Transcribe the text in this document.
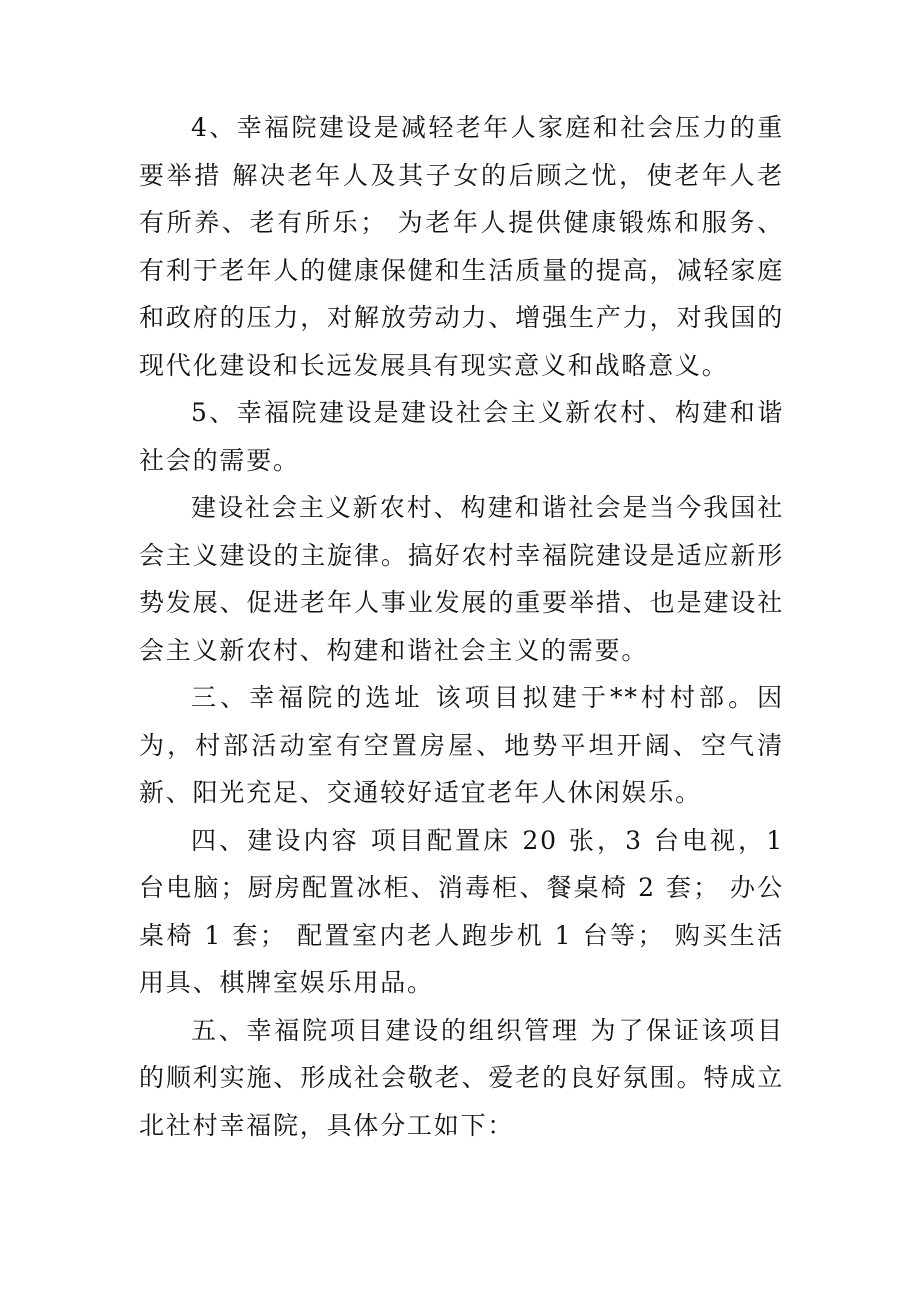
4、幸福院建设是减轻老年人家庭和社会压力的重要举措 解决老年人及其子女的后顾之忧，使老年人老有所养、老有所乐； 为老年人提供健康锻炼和服务、有利于老年人的健康保健和生活质量的提高，减轻家庭和政府的压力，对解放劳动力、增强生产力，对我国的现代化建设和长远发展具有现实意义和战略意义。

5、幸福院建设是建设社会主义新农村、构建和谐社会的需要。

建设社会主义新农村、构建和谐社会是当今我国社会主义建设的主旋律。搞好农村幸福院建设是适应新形势发展、促进老年人事业发展的重要举措、也是建设社会主义新农村、构建和谐社会主义的需要。

三、幸福院的选址 该项目拟建于**村村部。因为，村部活动室有空置房屋、地势平坦开阔、空气清新、阳光充足、交通较好适宜老年人休闲娱乐。

四、建设内容 项目配置床 20 张，3 台电视，1 台电脑；厨房配置冰柜、消毒柜、餐桌椅 2 套； 办公桌椅 1 套； 配置室内老人跑步机 1 台等； 购买生活用具、棋牌室娱乐用品。

五、幸福院项目建设的组织管理 为了保证该项目的顺利实施、形成社会敬老、爱老的良好氛围。特成立北社村幸福院，具体分工如下：
